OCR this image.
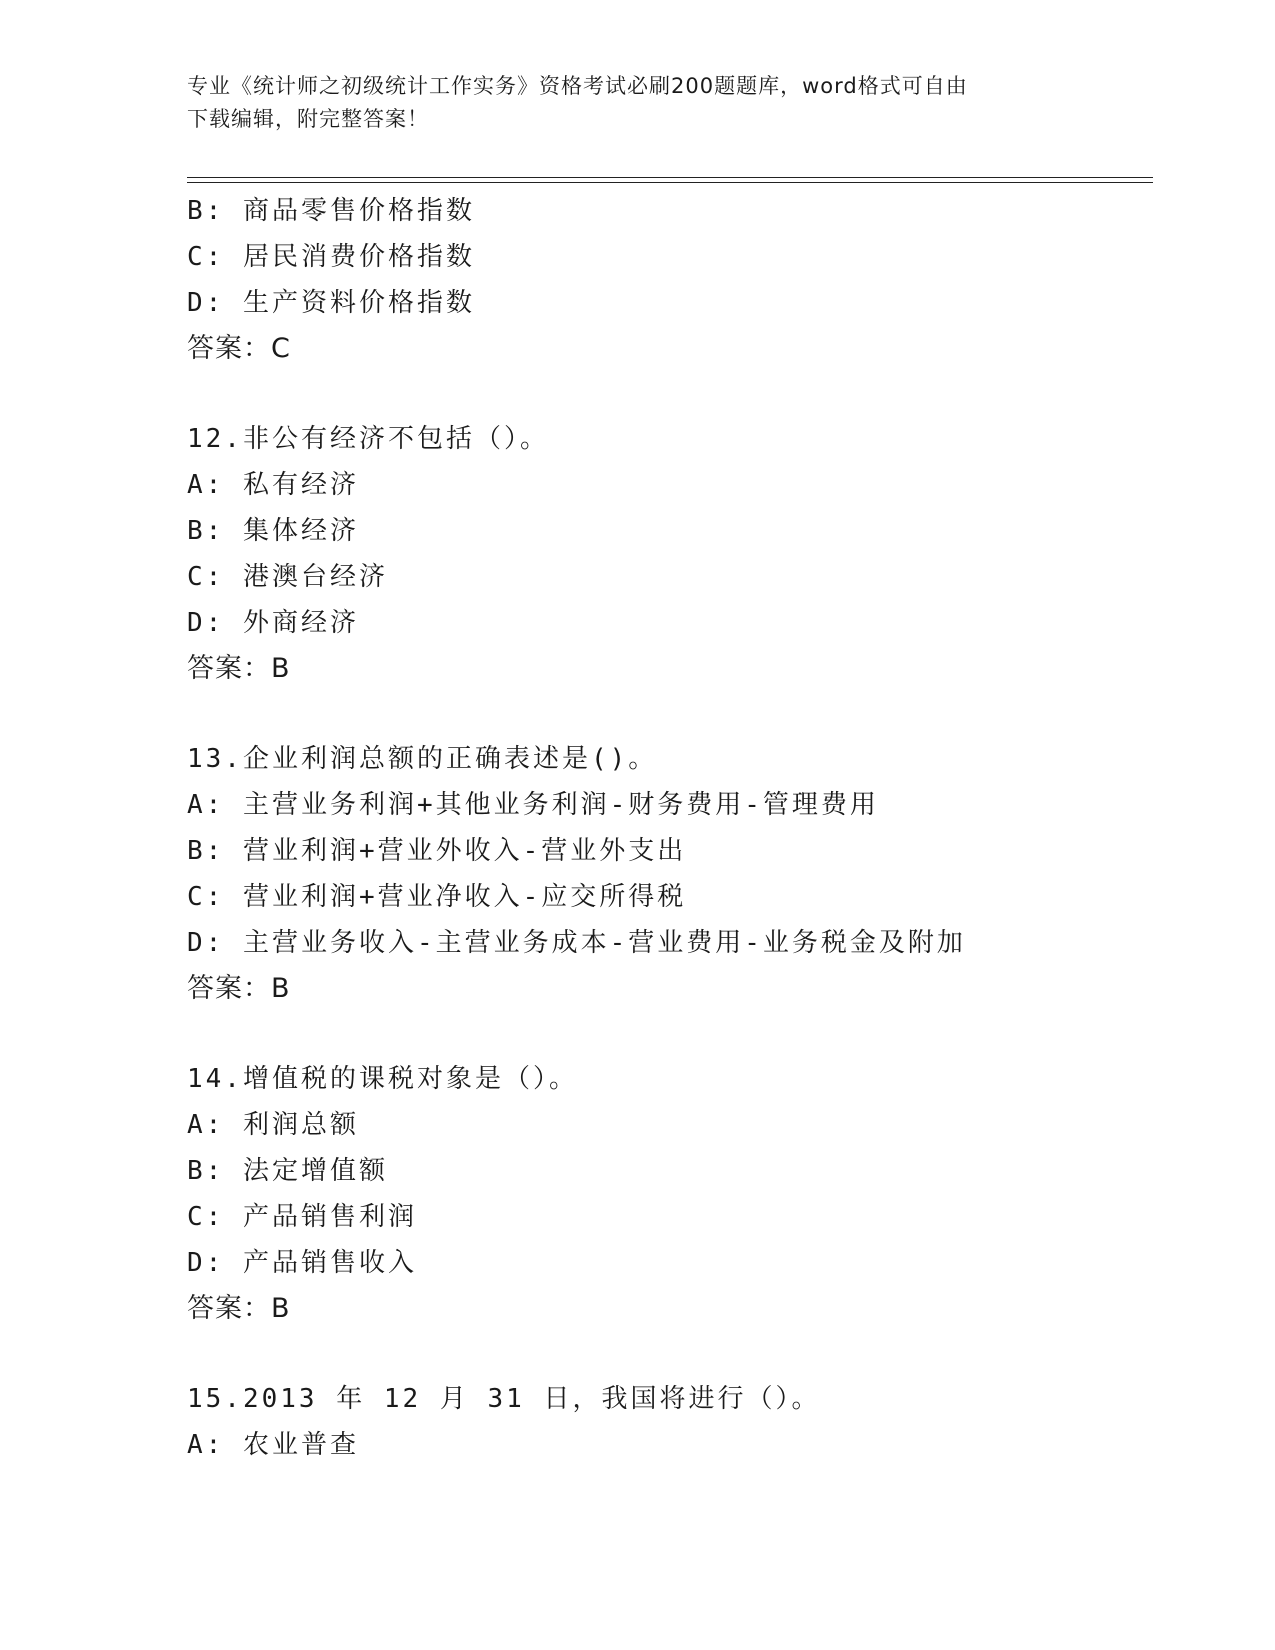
专业《统计师之初级统计工作实务》资格考试必刷200题题库，word格式可自由
下载编辑，附完整答案！
B: 商品零售价格指数
C: 居民消费价格指数
D: 生产资料价格指数
答案：C
12.非公有经济不包括（）。
A: 私有经济
B: 集体经济
C: 港澳台经济
D: 外商经济
答案：B
13.企业利润总额的正确表述是()。
A: 主营业务利润+其他业务利润-财务费用-管理费用
B: 营业利润+营业外收入-营业外支出
C: 营业利润+营业净收入-应交所得税
D: 主营业务收入-主营业务成本-营业费用-业务税金及附加
答案：B
14.增值税的课税对象是（）。
A: 利润总额
B: 法定增值额
C: 产品销售利润
D: 产品销售收入
答案：B
15.2013 年 12 月 31 日，我国将进行（）。
A: 农业普查
